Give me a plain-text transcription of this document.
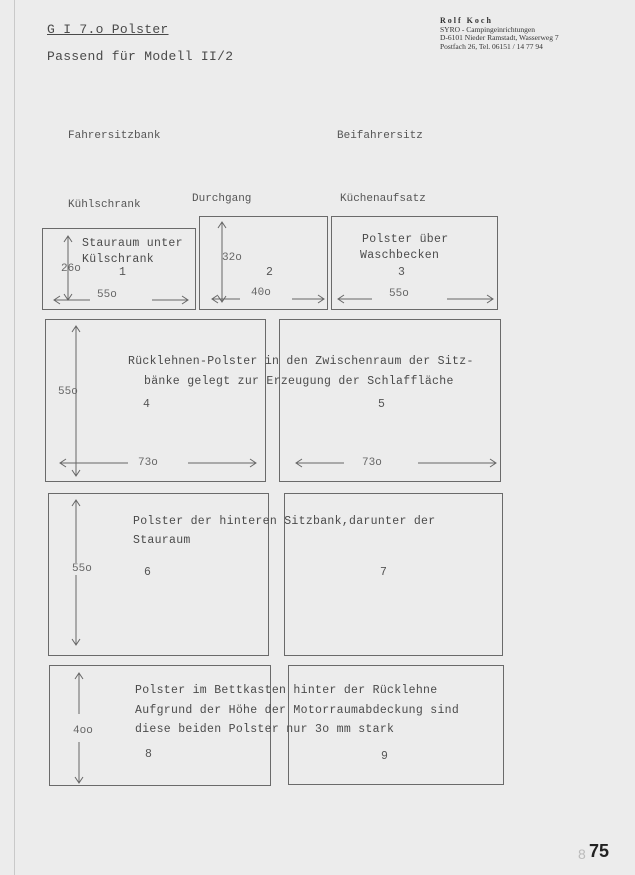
G I 7.o Polster
Passend für Modell II/2
Rolf Koch
SYRO - Campingeinrichtungen
D-6101 Nieder Ramstadt, Wasserweg 7
Postfach 26, Tel. 06151 / 14 77 94
Fahrersitzbank	Beifahrersitz
Kühlschrank	Durchgang	Küchenaufsatz
Stauraum unter
Külschrank
26o	1
55o
32o
2
40o
Polster über
Waschbecken
3
55o
Rücklehnen-Polster in den Zwischenraum der Sitz-
bänke gelegt zur Erzeugung der Schlaffläche
55o
4
73o
5
73o
Polster der hinteren Sitzbank,darunter der
Stauraum
55o	6	7
Polster im Bettkasten hinter der Rücklehne
Aufgrund der Höhe der Motorraumabdeckung sind
diese beiden Polster nur 3o mm stark
4oo
8	9
8 75
